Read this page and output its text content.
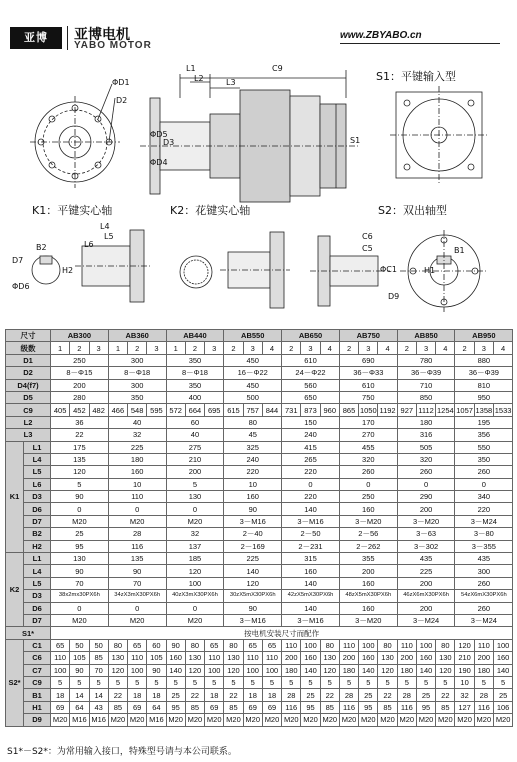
亚博	亚博电机
YABO MOTOR
www.ZBYABO.cn
S1：平键输入型
K1：平键实心轴	K2：花键实心轴	S2：双出轴型
L1
L2	L3
C9
S1
ΦD1
D2
D3
ΦD4
ΦD5
B2
D7
H2
ΦD6
L4
L5
L6
C6
C5
ΦC1
B1
H1
D9
尺寸		AB300			AB360			AB440			AB550			AB650			AB750			AB850			AB950		
级数		1	2	3	1	2	3	1	2	3	2	3	4	2	3	4	2	3	4	2	3	4	2	3	4
D1		250			300			350			450			610			690			780			880		
D2		8－Φ15			8－Φ18			8－Φ18			16－Φ22			24－Φ22			36－Φ33			36－Φ39			36－Φ39		
D4(f7)		200			300			350			450			560			610			710			810		
D5		280			350			400			500			650			750			850			950		
C9		405	452	482	466	548	595	572	664	695	615	757	844	731	873	960	865	1050	1192	927	1112	1254	1057	1358	1533
L2		36			40			60			80			150			170			180			195		
L3		22			32			40			45			240			270			316			356		
K1	L1	175			225			275			325			415			455			505			550		
	L4	135			180			210			240			265			320			320			350		
	L5	120			160			200			220			220			260			260			260		
	L6	5			10			5			10			0			0			0			0		
	D3	90			110			130			160			220			250			290			340		
	D6	0			0			0			90			140			160			200			220		
	D7	M20			M20			M20			3－M16			3－M16			3－M20			3－M20			3－M24		
	B2	25			28			32			2－40			2－50			2－56			3－63			3－80		
	H2	95			116			137			2－169			2－231			2－262			3－302			3－355		
K2	L1	130			135			185			225			315			355			435			435		
	L4	90			90			120			140			160			200			225			300		
	L5	70			70			100			120			140			160			200			260		
	D3	38x2mx30PX6h			34zX3mX30PX6h			40zX3mX30PX6h			30zX5mX30PX6h			42zX5mX30PX6h			48zX5mX30PX6h			46zX6mX30PX6h			54zX6mX30PX6h		
	D6	0			0			0			90			140			160			200			260		
	D7	M20			M20			M20			3－M16			3－M16			3－M20			3－M24			3－M24		
S1*		按电机安装尺寸而配作																							
S2*	C1	65	50	50	80	65	60	90	80	65	80	65	65	110	100	80	110	100	80	110	100	80	120	110	100
	C6	110	105	85	130	110	105	160	130	110	130	110	110	200	160	130	200	160	130	200	160	130	210	200	160
	C7	100	90	70	120	100	90	140	120	100	120	100	100	180	140	120	180	140	120	180	140	120	190	180	140
	C9	5	5	5	5	5	5	5	5	5	5	5	5	5	5	5	5	5	5	5	5	5	10	5	5
	B1	18	14	14	22	18	18	25	22	18	22	18	18	28	25	22	28	25	22	28	25	22	32	28	25
	H1	69	64	43	85	69	64	95	85	69	85	69	69	116	95	85	116	95	85	116	95	85	127	116	106
	D9	M20	M16	M16	M20	M20	M16	M20	M20	M20	M20	M20	M20	M20	M20	M20	M20	M20	M20	M20	M20	M20	M20	M20	M20
S1*－S2*：为常用输入接口，特殊型号请与本公司联系。
